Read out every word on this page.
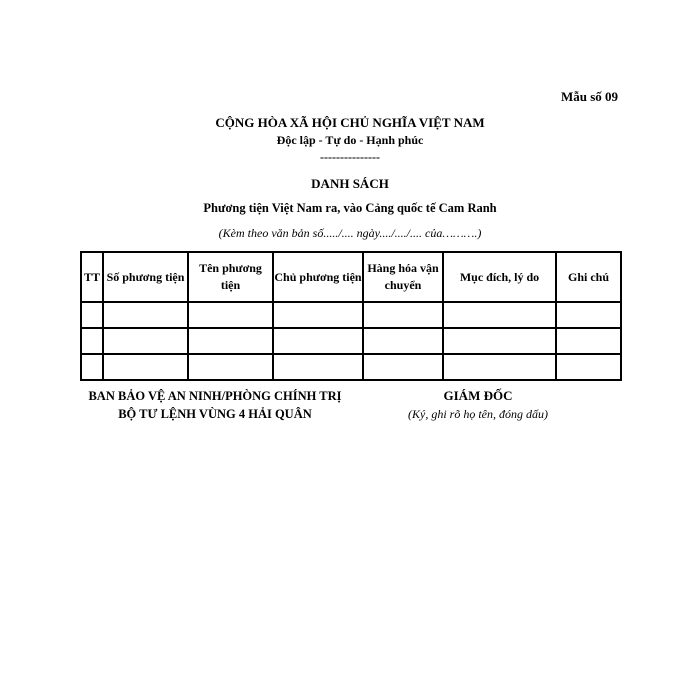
Mẫu số 09
CỘNG HÒA XÃ HỘI CHỦ NGHĨA VIỆT NAM
Độc lập - Tự do - Hạnh phúc
---------------
DANH SÁCH
Phương tiện Việt Nam ra, vào Cảng quốc tế Cam Ranh
(Kèm theo văn bản số...../.... ngày..../..../.... của……….)
TT	Số phương tiện	Tên phương tiện	Chủ phương tiện	Hàng hóa vận chuyển	Mục đích, lý do	Ghi chú

BAN BẢO VỆ AN NINH/PHÒNG CHÍNH TRỊ BỘ TƯ LỆNH VÙNG 4 HẢI QUÂN
GIÁM ĐỐC
(Ký, ghi rõ họ tên, đóng dấu)
